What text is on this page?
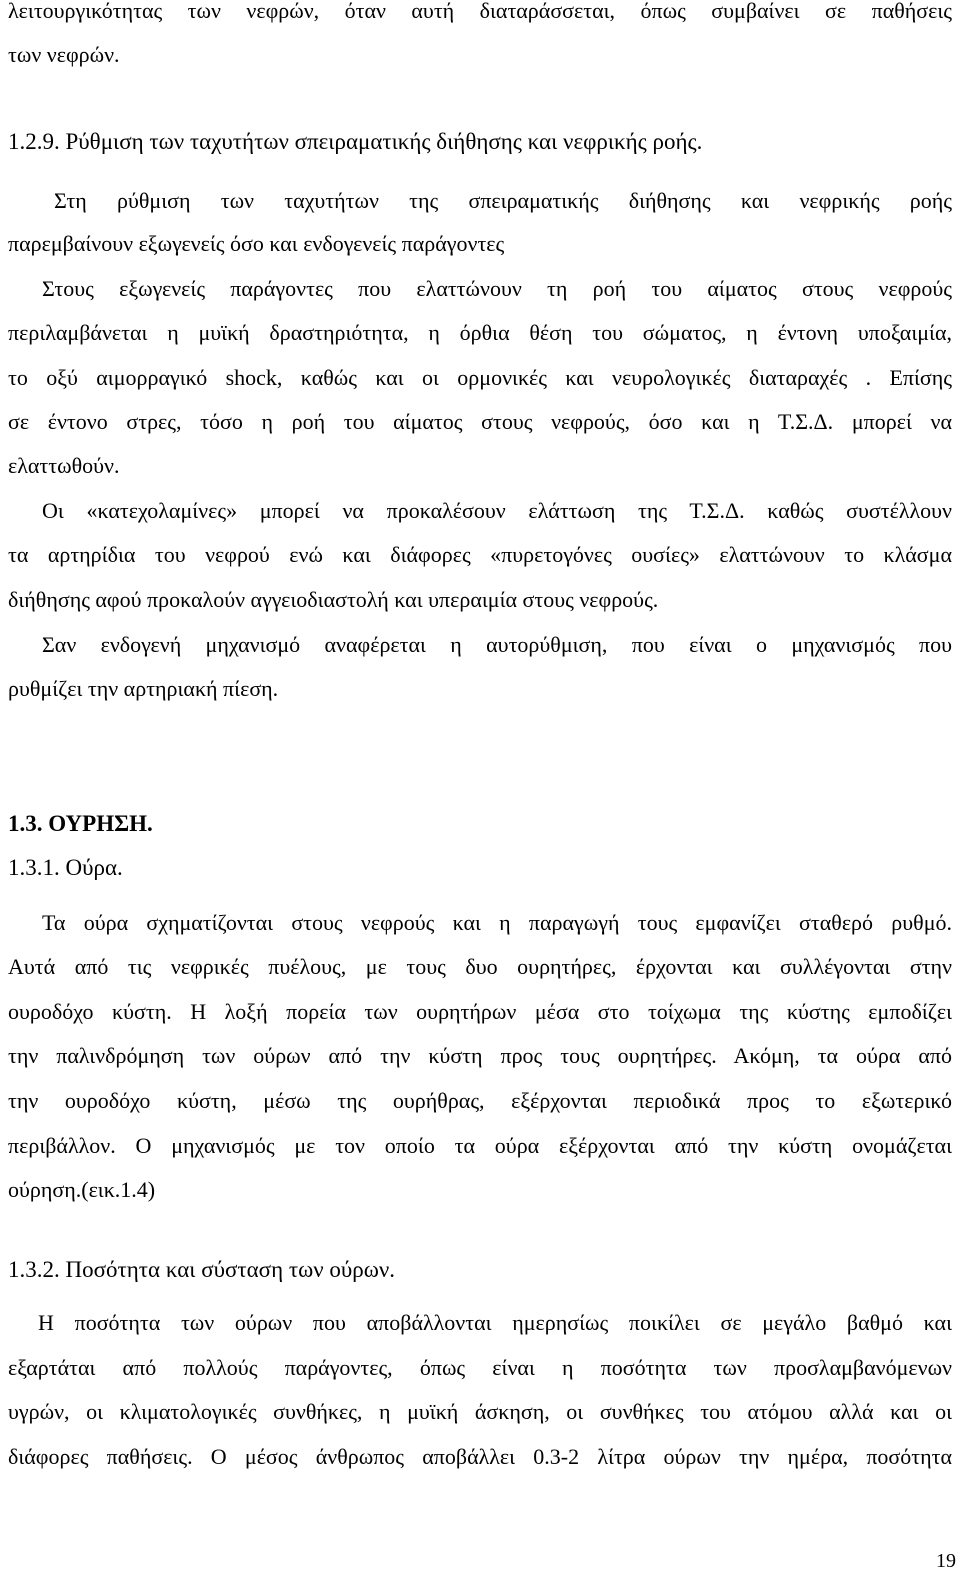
λειτουργικότητας των νεφρών, όταν αυτή διαταράσσεται, όπως συμβαίνει σε παθήσεις
των νεφρών.
1.2.9. Ρύθμιση των ταχυτήτων σπειραματικής διήθησης και νεφρικής ροής.
Στη ρύθμιση των ταχυτήτων της σπειραματικής διήθησης και νεφρικής ροής
παρεμβαίνουν εξωγενείς όσο και ενδογενείς παράγοντες
Στους εξωγενείς παράγοντες που ελαττώνουν τη ροή του αίματος στους νεφρούς
περιλαμβάνεται η μυϊκή δραστηριότητα, η όρθια θέση του σώματος, η έντονη υποξαιμία,
το οξύ αιμορραγικό shock, καθώς και οι ορμονικές και νευρολογικές διαταραχές . Επίσης
σε έντονο στρες, τόσο η ροή του αίματος στους νεφρούς, όσο και η Τ.Σ.Δ. μπορεί να
ελαττωθούν.
Οι «κατεχολαμίνες» μπορεί να προκαλέσουν ελάττωση της Τ.Σ.Δ. καθώς συστέλλουν
τα αρτηρίδια του νεφρού ενώ και διάφορες «πυρετογόνες ουσίες» ελαττώνουν το κλάσμα
διήθησης αφού προκαλούν αγγειοδιαστολή και υπεραιμία στους νεφρούς.
Σαν ενδογενή μηχανισμό αναφέρεται η αυτορύθμιση, που είναι ο μηχανισμός που
ρυθμίζει την αρτηριακή πίεση.
1.3. ΟΥΡΗΣΗ.
1.3.1. Ούρα.
Τα ούρα σχηματίζονται στους νεφρούς και η παραγωγή τους εμφανίζει σταθερό ρυθμό.
Αυτά από τις νεφρικές πυέλους, με τους δυο ουρητήρες, έρχονται και συλλέγονται στην
ουροδόχο κύστη. Η λοξή πορεία των ουρητήρων μέσα στο τοίχωμα της κύστης εμποδίζει
την παλινδρόμηση των ούρων από την κύστη προς τους ουρητήρες. Ακόμη, τα ούρα από
την ουροδόχο κύστη, μέσω της ουρήθρας, εξέρχονται περιοδικά προς το εξωτερικό
περιβάλλον. Ο μηχανισμός με τον οποίο τα ούρα εξέρχονται από την κύστη ονομάζεται
ούρηση.(εικ.1.4)
1.3.2. Ποσότητα και σύσταση των ούρων.
Η ποσότητα των ούρων που αποβάλλονται ημερησίως ποικίλει σε μεγάλο βαθμό και
εξαρτάται από πολλούς παράγοντες, όπως είναι η ποσότητα των προσλαμβανόμενων
υγρών, οι κλιματολογικές συνθήκες, η μυϊκή άσκηση, οι συνθήκες του ατόμου αλλά και οι
διάφορες παθήσεις. Ο μέσος άνθρωπος αποβάλλει 0.3-2 λίτρα ούρων την ημέρα, ποσότητα
19
